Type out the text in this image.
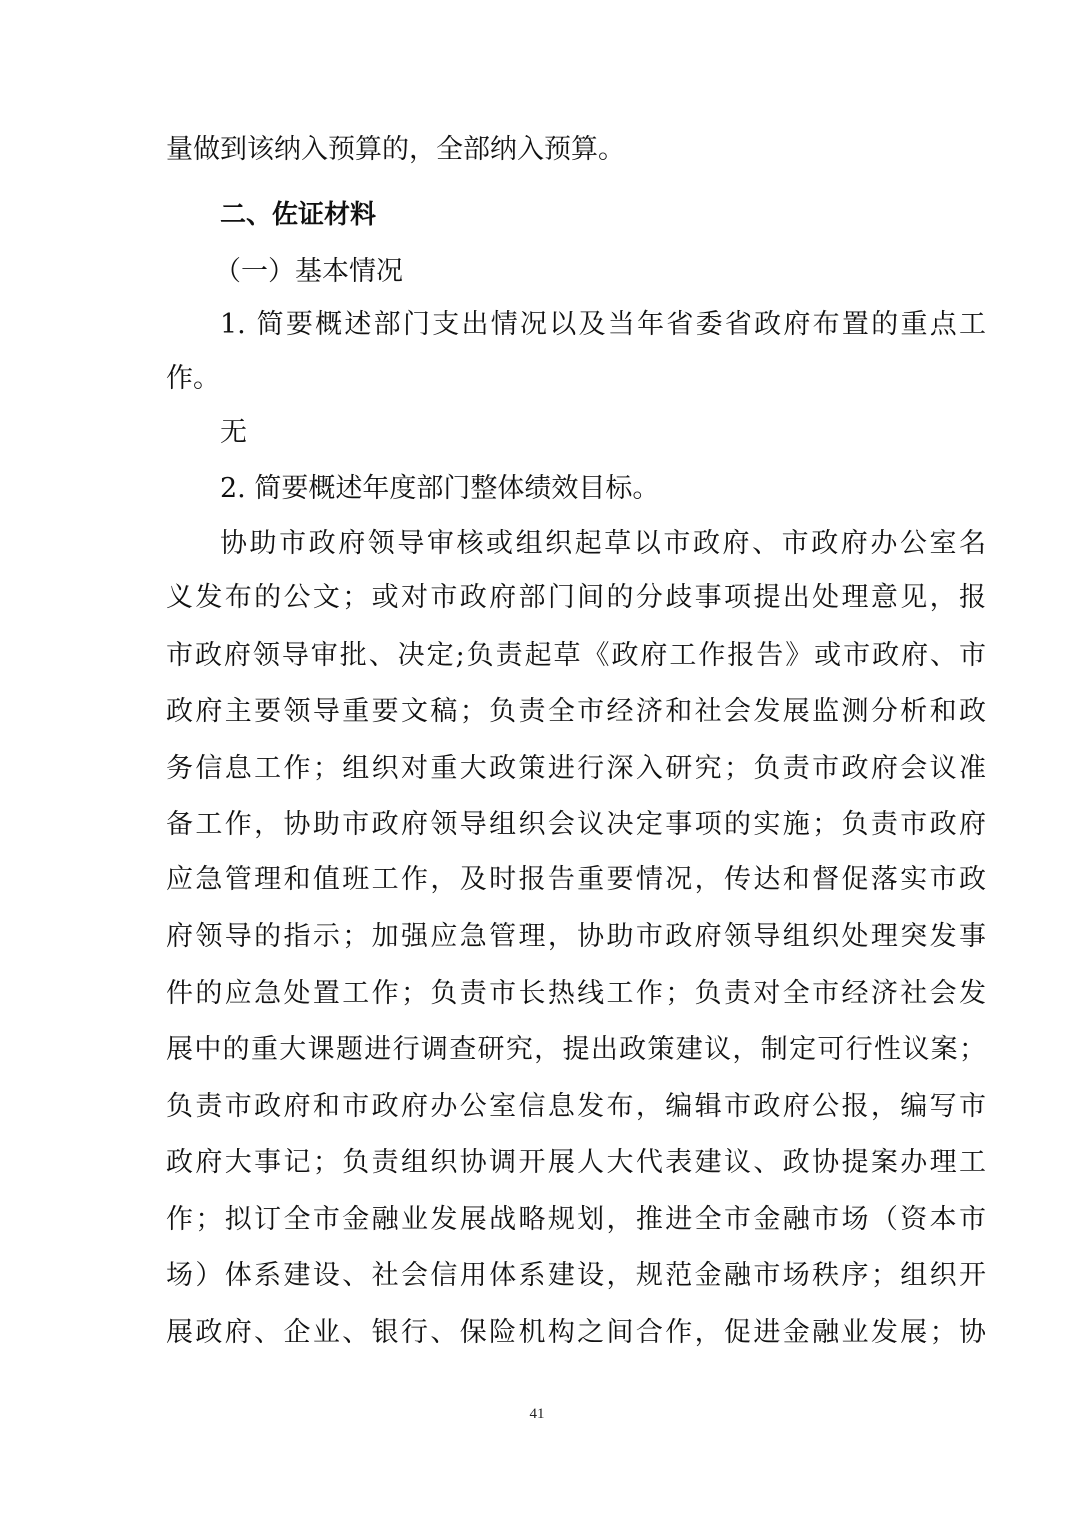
量做到该纳入预算的，全部纳入预算。
二、佐证材料
（一）基本情况
1. 简要概述部门支出情况以及当年省委省政府布置的重点工
作。
无
2. 简要概述年度部门整体绩效目标。
协助市政府领导审核或组织起草以市政府、市政府办公室名
义发布的公文；或对市政府部门间的分歧事项提出处理意见，报
市政府领导审批、决定;负责起草《政府工作报告》或市政府、市
政府主要领导重要文稿；负责全市经济和社会发展监测分析和政
务信息工作；组织对重大政策进行深入研究；负责市政府会议准
备工作，协助市政府领导组织会议决定事项的实施；负责市政府
应急管理和值班工作，及时报告重要情况，传达和督促落实市政
府领导的指示；加强应急管理，协助市政府领导组织处理突发事
件的应急处置工作；负责市长热线工作；负责对全市经济社会发
展中的重大课题进行调查研究，提出政策建议，制定可行性议案；
负责市政府和市政府办公室信息发布，编辑市政府公报，编写市
政府大事记；负责组织协调开展人大代表建议、政协提案办理工
作；拟订全市金融业发展战略规划，推进全市金融市场（资本市
场）体系建设、社会信用体系建设，规范金融市场秩序；组织开
展政府、企业、银行、保险机构之间合作，促进金融业发展；协
41
